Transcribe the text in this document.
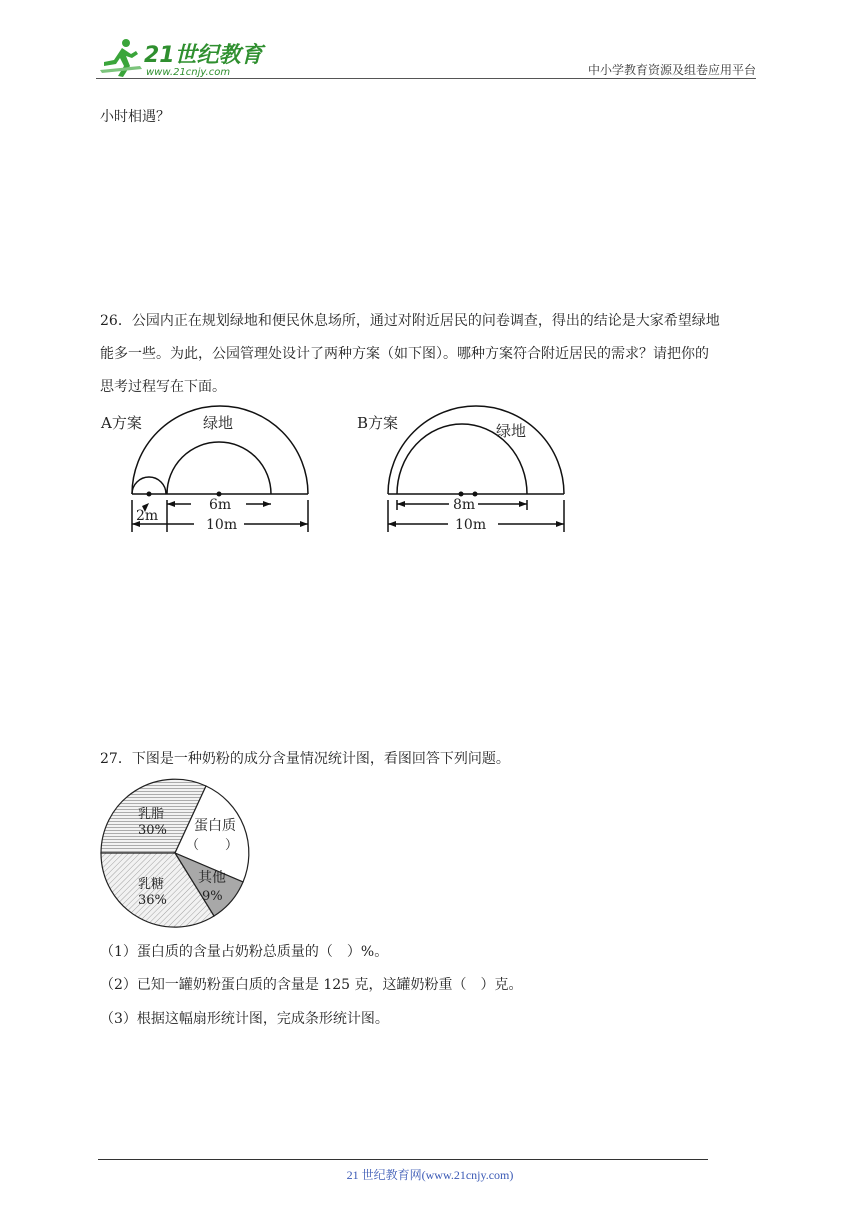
21世纪教育
www.21cnjy.com	中小学教育资源及组卷应用平台
小时相遇？
26．公园内正在规划绿地和便民休息场所，通过对附近居民的问卷调查，得出的结论是大家希望绿地
能多一些。为此，公园管理处设计了两种方案（如下图）。哪种方案符合附近居民的需求？请把你的
思考过程写在下面。
A方案	绿地
6m
2m
10m
B方案	绿地
8m
10m
27．下图是一种奶粉的成分含量情况统计图，看图回答下列问题。
乳脂
30% 蛋白质
（　　）
其他
9%
乳糖
36%
（1）蛋白质的含量占奶粉总质量的（　）%。
（2）已知一罐奶粉蛋白质的含量是 125 克，这罐奶粉重（　）克。
（3）根据这幅扇形统计图，完成条形统计图。
21 世纪教育网(www.21cnjy.com)
